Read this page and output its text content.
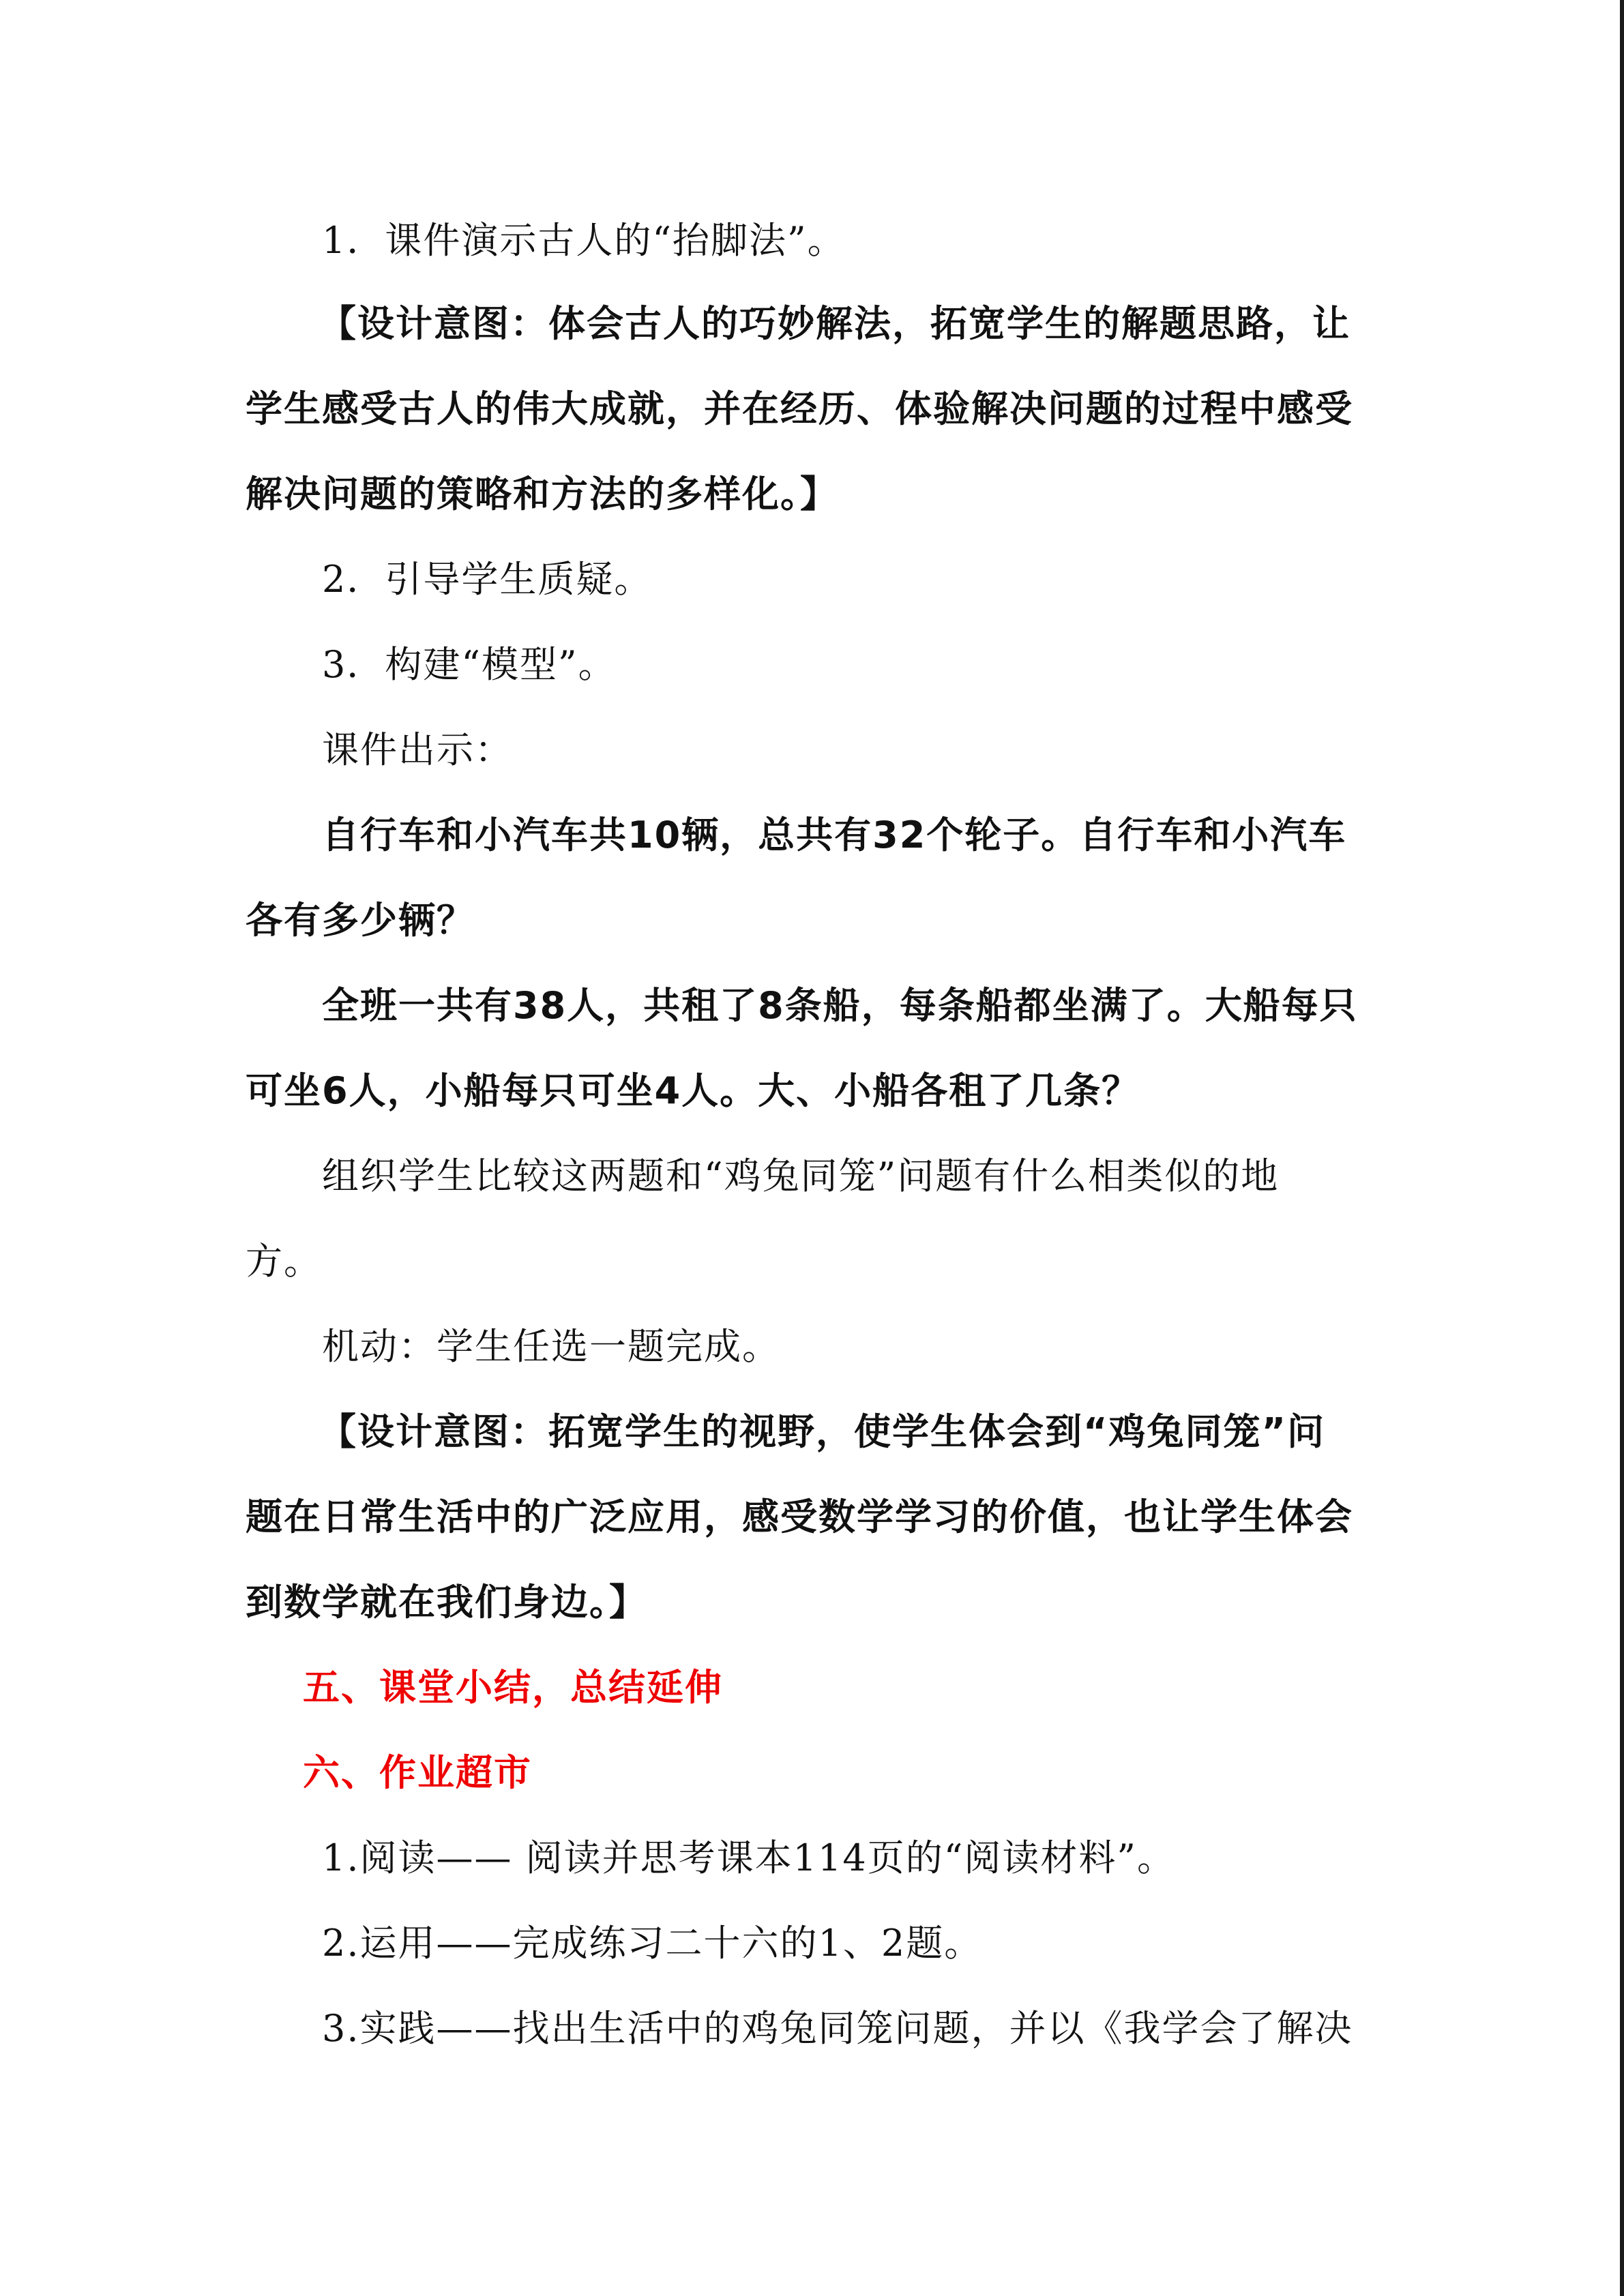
1．课件演示古人的“抬脚法”。
【设计意图：体会古人的巧妙解法，拓宽学生的解题思路，让
学生感受古人的伟大成就，并在经历、体验解决问题的过程中感受
解决问题的策略和方法的多样化。】
2．引导学生质疑。
3．构建“模型”。
课件出示：
自行车和小汽车共10辆，总共有32个轮子。自行车和小汽车
各有多少辆？
全班一共有38人，共租了8条船，每条船都坐满了。大船每只
可坐6人，小船每只可坐4人。大、小船各租了几条？
组织学生比较这两题和“鸡兔同笼”问题有什么相类似的地
方。
机动：学生任选一题完成。
【设计意图：拓宽学生的视野，使学生体会到“鸡兔同笼”问
题在日常生活中的广泛应用，感受数学学习的价值，也让学生体会
到数学就在我们身边。】
五、课堂小结，总结延伸
六、作业超市
1.阅读—— 阅读并思考课本114页的“阅读材料”。
2.运用——完成练习二十六的1、2题。
3.实践——找出生活中的鸡兔同笼问题，并以《我学会了解决
